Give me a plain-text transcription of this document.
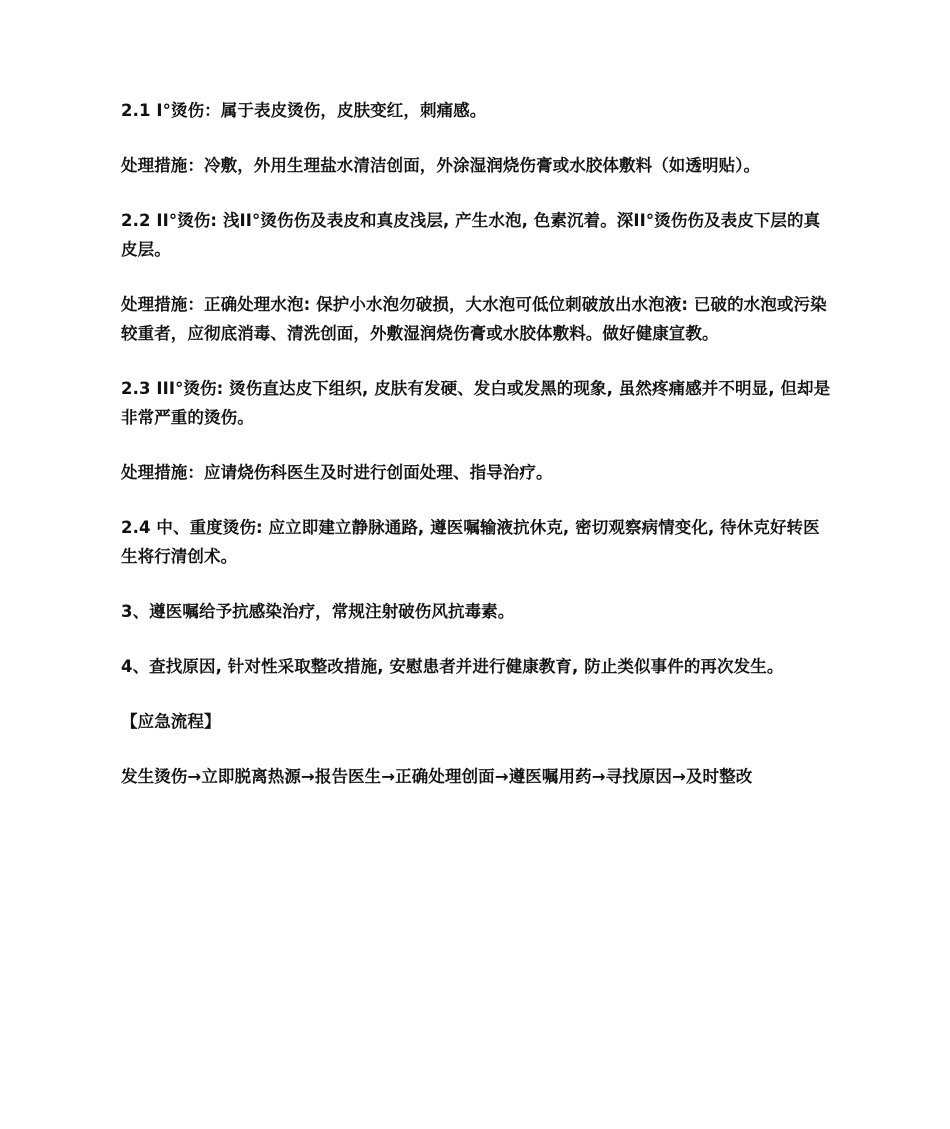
2.1 I°烫伤：属于表皮烫伤，皮肤变红，刺痛感。

处理措施：冷敷，外用生理盐水清洁创面，外涂湿润烧伤膏或水胶体敷料（如透明贴）。

2.2 II°烫伤: 浅II°烫伤伤及表皮和真皮浅层, 产生水泡, 色素沉着。深II°烫伤伤及表皮下层的真皮层。

处理措施：正确处理水泡: 保护小水泡勿破损，大水泡可低位刺破放出水泡液: 已破的水泡或污染较重者，应彻底消毒、清洗创面，外敷湿润烧伤膏或水胶体敷料。做好健康宣教。

2.3 III°烫伤: 烫伤直达皮下组织, 皮肤有发硬、发白或发黑的现象, 虽然疼痛感并不明显, 但却是非常严重的烫伤。

处理措施：应请烧伤科医生及时进行创面处理、指导治疗。

2.4 中、重度烫伤: 应立即建立静脉通路, 遵医嘱输液抗休克, 密切观察病情变化, 待休克好转医生将行清创术。

3、遵医嘱给予抗感染治疗，常规注射破伤风抗毒素。

4、查找原因, 针对性采取整改措施, 安慰患者并进行健康教育, 防止类似事件的再次发生。

【应急流程】

发生烫伤→立即脱离热源→报告医生→正确处理创面→遵医嘱用药→寻找原因→及时整改
